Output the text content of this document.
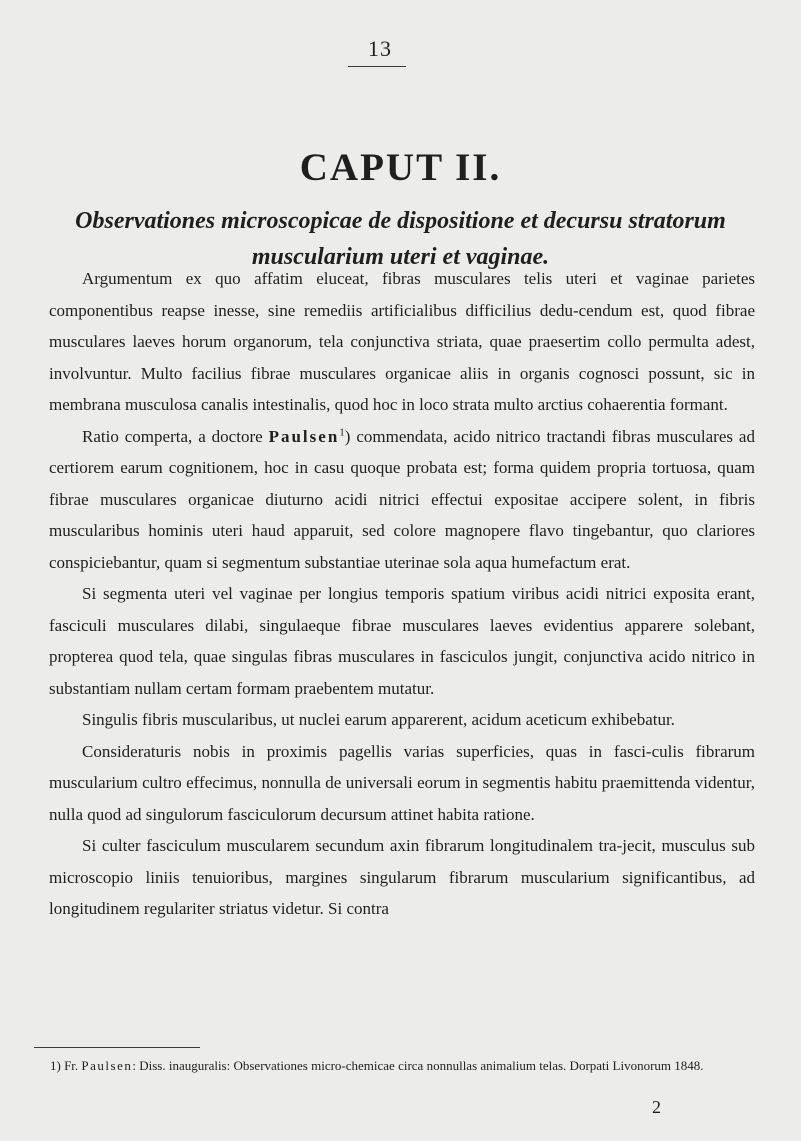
13
CAPUT II.
Observationes microscopicae de dispositione et decursu stratorum muscularium uteri et vaginae.

Argumentum ex quo affatim eluceat, fibras musculares telis uteri et vaginae parietes componentibus reapse inesse, sine remediis artificialibus difficilius dedu-cendum est, quod fibrae musculares laeves horum organorum, tela conjunctiva striata, quae praesertim collo permulta adest, involvuntur. Multo facilius fibrae musculares organicae aliis in organis cognosci possunt, sic in membrana musculosa canalis intestinalis, quod hoc in loco strata multo arctius cohaerentia formant.

Ratio comperta, a doctore Paulsen$^1$) commendata, acido nitrico tractandi fibras musculares ad certiorem earum cognitionem, hoc in casu quoque probata est; forma quidem propria tortuosa, quam fibrae musculares organicae diuturno acidi nitrici effectui expositae accipere solent, in fibris muscularibus hominis uteri haud apparuit, sed colore magnopere flavo tingebantur, quo clariores conspiciebantur, quam si segmentum substantiae uterinae sola aqua humefactum erat.

Si segmenta uteri vel vaginae per longius temporis spatium viribus acidi nitrici exposita erant, fasciculi musculares dilabi, singulaeque fibrae musculares laeves evidentius apparere solebant, propterea quod tela, quae singulas fibras musculares in fasciculos jungit, conjunctiva acido nitrico in substantiam nullam certam formam praebentem mutatur.

Singulis fibris muscularibus, ut nuclei earum apparerent, acidum aceticum exhibebatur.

Consideraturis nobis in proximis pagellis varias superficies, quas in fasci-culis fibrarum muscularium cultro effecimus, nonnulla de universali eorum in segmentis habitu praemittenda videntur, nulla quod ad singulorum fasciculorum decursum attinet habita ratione.

Si culter fasciculum muscularem secundum axin fibrarum longitudinalem tra-jecit, musculus sub microscopio liniis tenuioribus, margines singularum fibrarum muscularium significantibus, ad longitudinem regulariter striatus videtur. Si contra

1) Fr. Paulsen: Diss. inauguralis: Observationes micro-chemicae circa nonnullas animalium telas. Dorpati Livonorum 1848.

2
